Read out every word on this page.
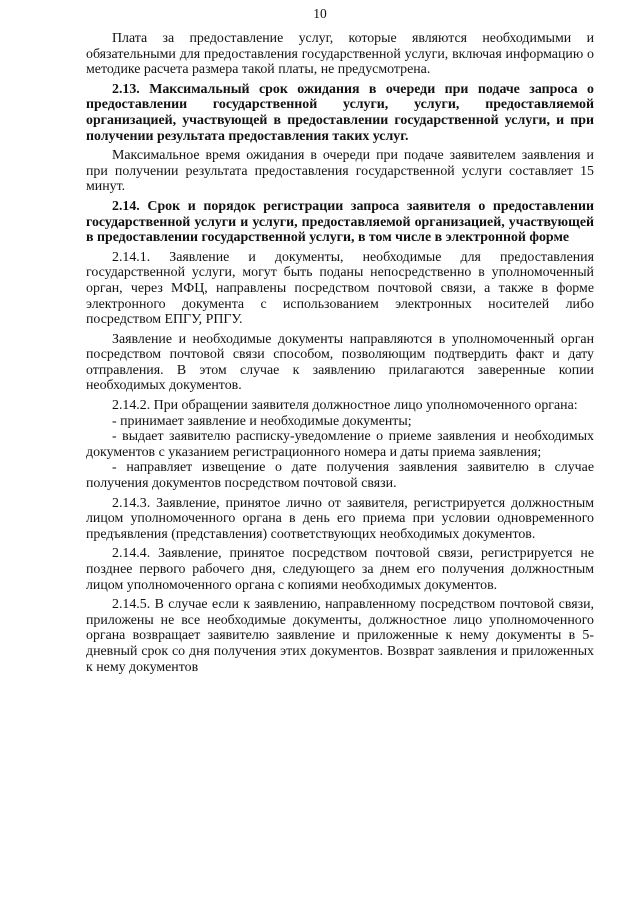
10

Плата за предоставление услуг, которые являются необходимыми и обязательными для предоставления государственной услуги, включая информацию о методике расчета размера такой платы, не предусмотрена.

2.13. Максимальный срок ожидания в очереди при подаче запроса о предоставлении государственной услуги, услуги, предоставляемой организацией, участвующей в предоставлении государственной услуги, и при получении результата предоставления таких услуг.

Максимальное время ожидания в очереди при подаче заявителем заявления и при получении результата предоставления государственной услуги составляет 15 минут.

2.14. Срок и порядок регистрации запроса заявителя о предоставлении государственной услуги и услуги, предоставляемой организацией, участвующей в предоставлении государственной услуги, в том числе в электронной форме

2.14.1. Заявление и документы, необходимые для предоставления государственной услуги, могут быть поданы непосредственно в уполномоченный орган, через МФЦ, направлены посредством почтовой связи, а также в форме электронного документа с использованием электронных носителей либо посредством ЕПГУ, РПГУ.

Заявление и необходимые документы направляются в уполномоченный орган посредством почтовой связи способом, позволяющим подтвердить факт и дату отправления. В этом случае к заявлению прилагаются заверенные копии необходимых документов.

2.14.2. При обращении заявителя должностное лицо уполномоченного органа:

- принимает заявление и необходимые документы;

- выдает заявителю расписку-уведомление о приеме заявления и необходимых документов с указанием регистрационного номера и даты приема заявления;

- направляет извещение о дате получения заявления заявителю в случае получения документов посредством почтовой связи.

2.14.3. Заявление, принятое лично от заявителя, регистрируется должностным лицом уполномоченного органа в день его приема при условии одновременного предъявления (представления) соответствующих необходимых документов.

2.14.4. Заявление, принятое посредством почтовой связи, регистрируется не позднее первого рабочего дня, следующего за днем его получения должностным лицом уполномоченного органа с копиями необходимых документов.

2.14.5. В случае если к заявлению, направленному посредством почтовой связи, приложены не все необходимые документы, должностное лицо уполномоченного органа возвращает заявителю заявление и приложенные к нему документы в 5-дневный срок со дня получения этих документов. Возврат заявления и приложенных к нему документов
